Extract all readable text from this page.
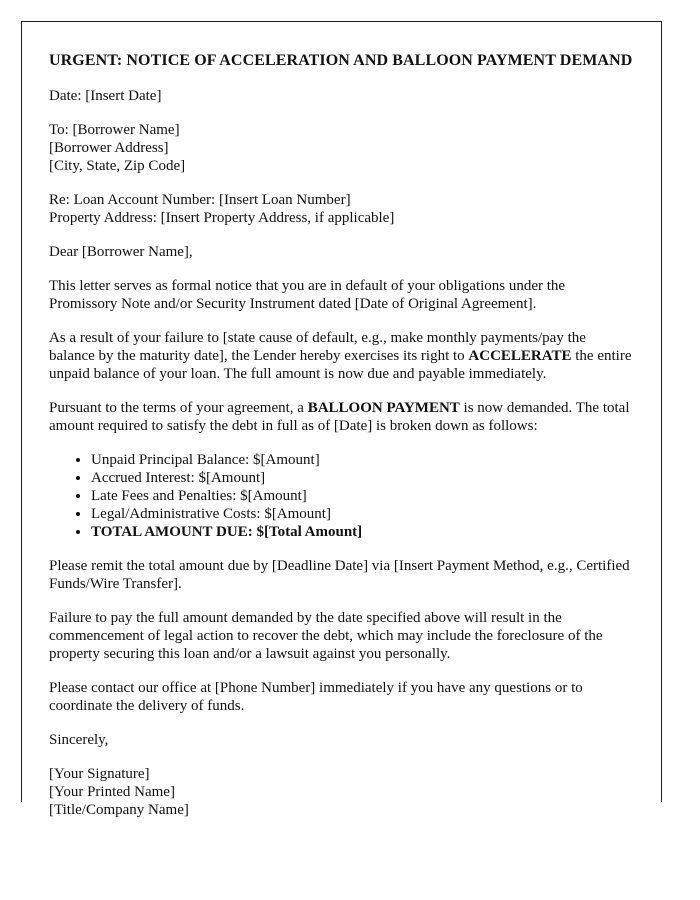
URGENT: NOTICE OF ACCELERATION AND BALLOON PAYMENT DEMAND

Date: [Insert Date]

To: [Borrower Name]
[Borrower Address]
[City, State, Zip Code]

Re: Loan Account Number: [Insert Loan Number]
Property Address: [Insert Property Address, if applicable]

Dear [Borrower Name],

This letter serves as formal notice that you are in default of your obligations under the Promissory Note and/or Security Instrument dated [Date of Original Agreement].

As a result of your failure to [state cause of default, e.g., make monthly payments/pay the balance by the maturity date], the Lender hereby exercises its right to ACCELERATE the entire unpaid balance of your loan. The full amount is now due and payable immediately.

Pursuant to the terms of your agreement, a BALLOON PAYMENT is now demanded. The total amount required to satisfy the debt in full as of [Date] is broken down as follows:

• Unpaid Principal Balance: $[Amount]
• Accrued Interest: $[Amount]
• Late Fees and Penalties: $[Amount]
• Legal/Administrative Costs: $[Amount]
• TOTAL AMOUNT DUE: $[Total Amount]

Please remit the total amount due by [Deadline Date] via [Insert Payment Method, e.g., Certified Funds/Wire Transfer].

Failure to pay the full amount demanded by the date specified above will result in the commencement of legal action to recover the debt, which may include the foreclosure of the property securing this loan and/or a lawsuit against you personally.

Please contact our office at [Phone Number] immediately if you have any questions or to coordinate the delivery of funds.

Sincerely,

[Your Signature]
[Your Printed Name]
[Title/Company Name]
